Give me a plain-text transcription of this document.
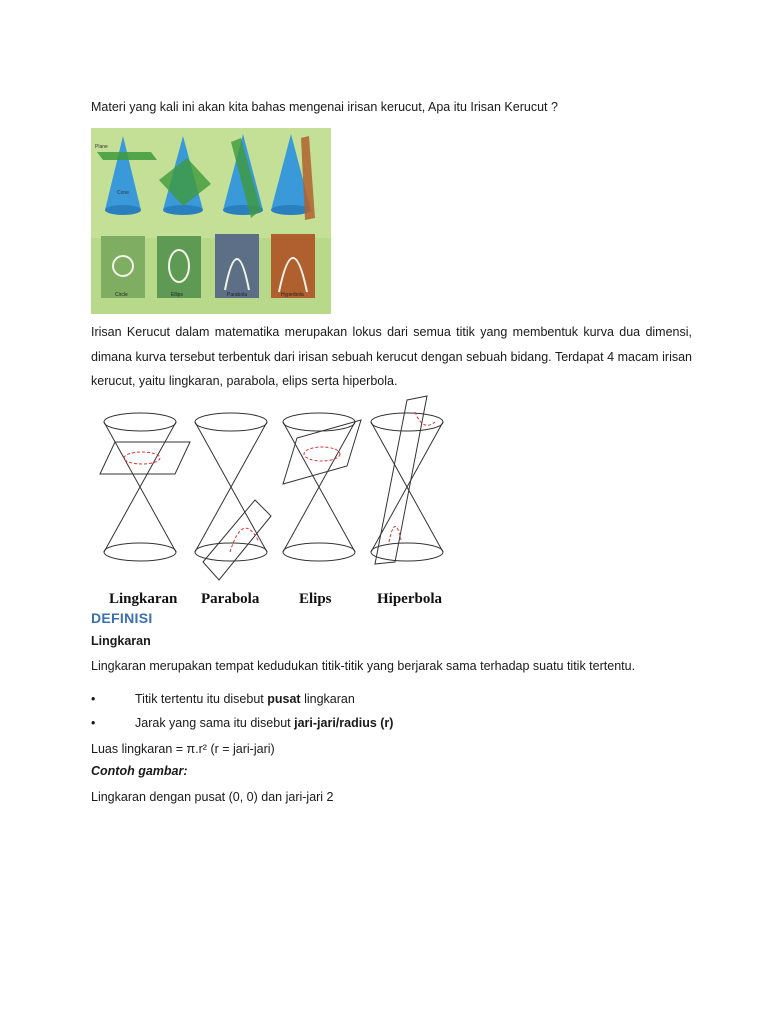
Materi yang kali ini akan kita bahas mengenai irisan kerucut, Apa itu Irisan Kerucut ?
Plane
Cone
Circle	Ellips	Parabola	Hyperbola
Irisan Kerucut dalam matematika merupakan lokus dari semua titik yang membentuk kurva dua dimensi, dimana kurva tersebut terbentuk dari irisan sebuah kerucut dengan sebuah bidang. Terdapat 4 macam irisan kerucut, yaitu lingkaran, parabola, elips serta hiperbola.
Lingkaran Parabola	Elips	Hiperbola
DEFINISI
Lingkaran
Lingkaran merupakan tempat kedudukan titik-titik yang berjarak sama terhadap suatu titik tertentu.
•	Titik tertentu itu disebut pusat lingkaran
•	Jarak yang sama itu disebut jari-jari/radius (r)
Luas lingkaran = π.r² (r = jari-jari)
Contoh gambar:
Lingkaran dengan pusat (0, 0) dan jari-jari 2
